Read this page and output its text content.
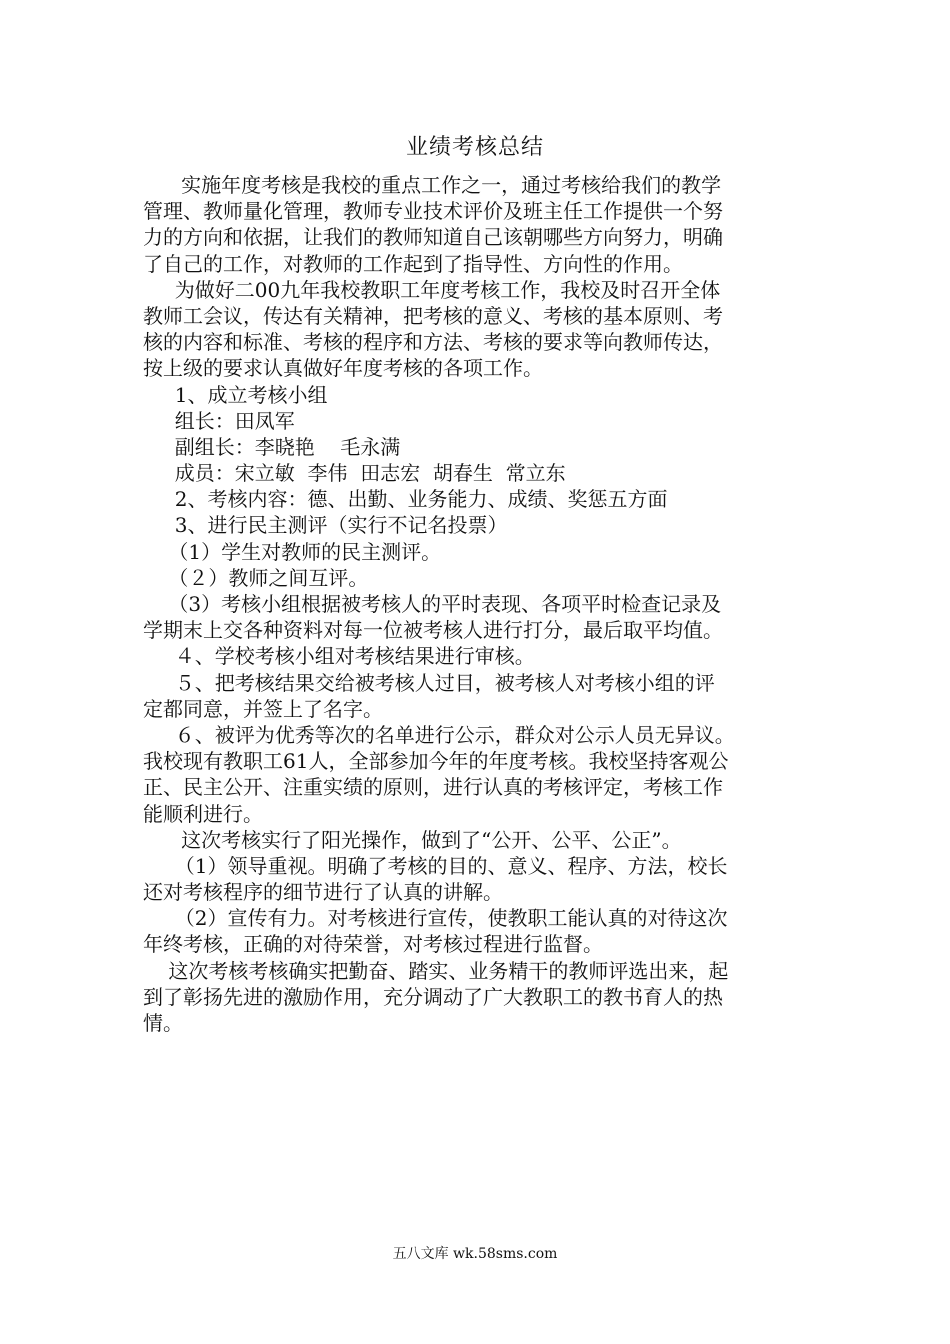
业绩考核总结
实施年度考核是我校的重点工作之一，通过考核给我们的教学
管理、教师量化管理，教师专业技术评价及班主任工作提供一个努
力的方向和依据，让我们的教师知道自己该朝哪些方向努力，明确
了自己的工作，对教师的工作起到了指导性、方向性的作用。
为做好二00九年我校教职工年度考核工作，我校及时召开全体
教师工会议，传达有关精神，把考核的意义、考核的基本原则、考
核的内容和标准、考核的程序和方法、考核的要求等向教师传达，
按上级的要求认真做好年度考核的各项工作。
1、成立考核小组
组长：田凤军
副组长：李晓艳    毛永满
成员：宋立敏  李伟  田志宏  胡春生  常立东
2、考核内容：德、出勤、业务能力、成绩、奖惩五方面
3、进行民主测评（实行不记名投票）
（1）学生对教师的民主测评。
（２）教师之间互评。
（3）考核小组根据被考核人的平时表现、各项平时检查记录及
学期末上交各种资料对每一位被考核人进行打分，最后取平均值。
４、学校考核小组对考核结果进行审核。
５、把考核结果交给被考核人过目，被考核人对考核小组的评
定都同意，并签上了名字。
６、被评为优秀等次的名单进行公示，群众对公示人员无异议。
我校现有教职工61人，全部参加今年的年度考核。我校坚持客观公
正、民主公开、注重实绩的原则，进行认真的考核评定，考核工作
能顺利进行。
这次考核实行了阳光操作，做到了“公开、公平、公正”。
（1）领导重视。明确了考核的目的、意义、程序、方法，校长
还对考核程序的细节进行了认真的讲解。
（2）宣传有力。对考核进行宣传，使教职工能认真的对待这次
年终考核，正确的对待荣誉，对考核过程进行监督。
这次考核考核确实把勤奋、踏实、业务精干的教师评选出来，起
到了彰扬先进的激励作用，充分调动了广大教职工的教书育人的热
情。
五八文库 wk.58sms.com
